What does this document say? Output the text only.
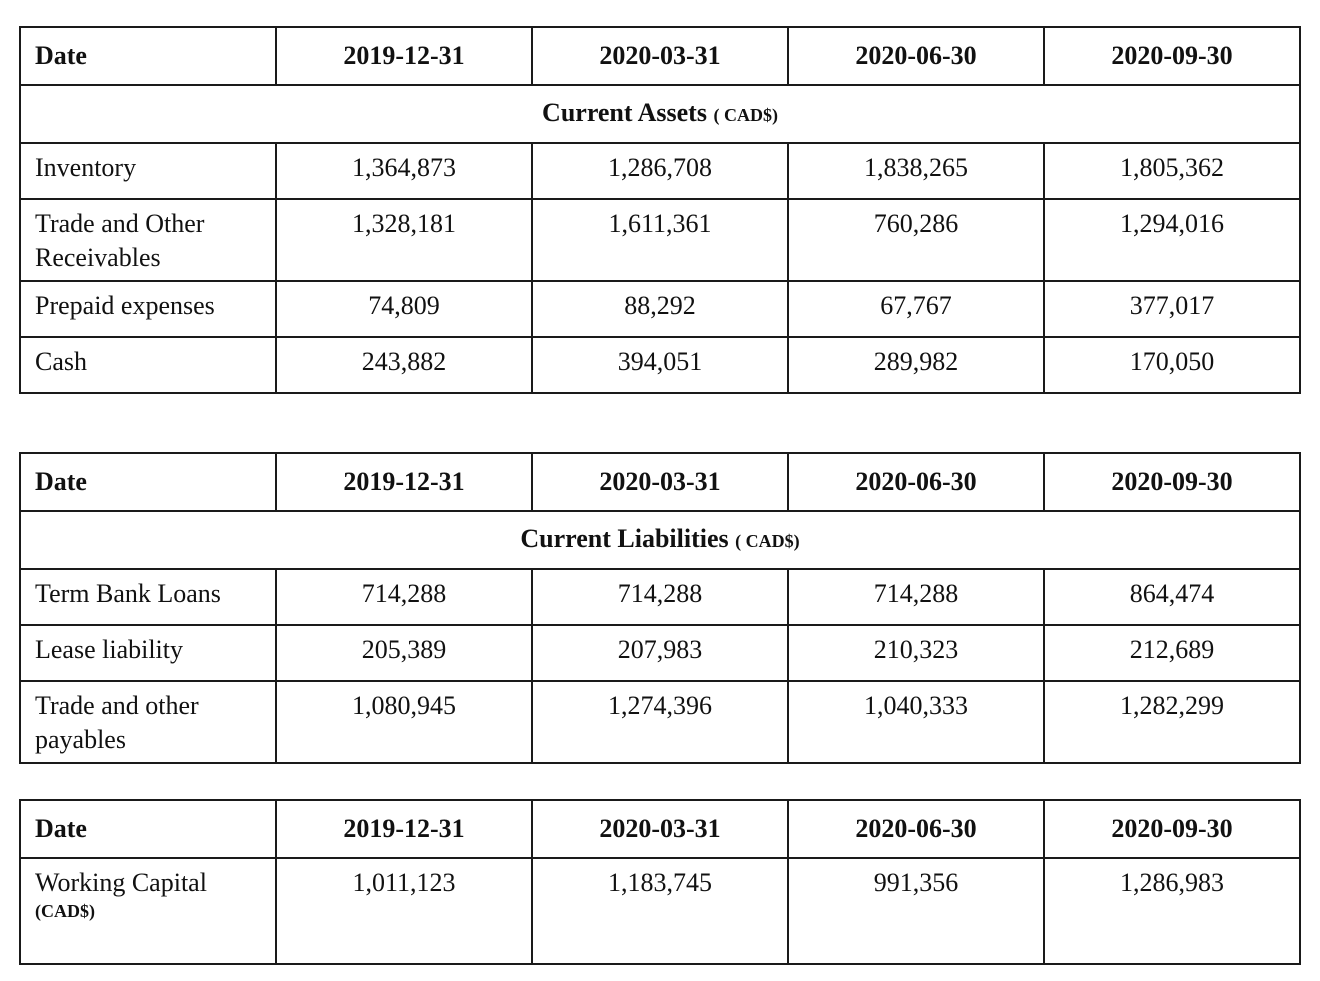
Date	2019-12-31	2020-03-31	2020-06-30	2020-09-30
Current Assets ( CAD$)				
Inventory	1,364,873	1,286,708	1,838,265	1,805,362
Trade and Other Receivables	1,328,181	1,611,361	760,286	1,294,016
Prepaid expenses	74,809	88,292	67,767	377,017
Cash	243,882	394,051	289,982	170,050
Date	2019-12-31	2020-03-31	2020-06-30	2020-09-30
Current Liabilities ( CAD$)				
Term Bank Loans	714,288	714,288	714,288	864,474
Lease liability	205,389	207,983	210,323	212,689
Trade and other payables	1,080,945	1,274,396	1,040,333	1,282,299
Date	2019-12-31	2020-03-31	2020-06-30	2020-09-30
Working Capital
(CAD$)	1,011,123	1,183,745	991,356	1,286,983
